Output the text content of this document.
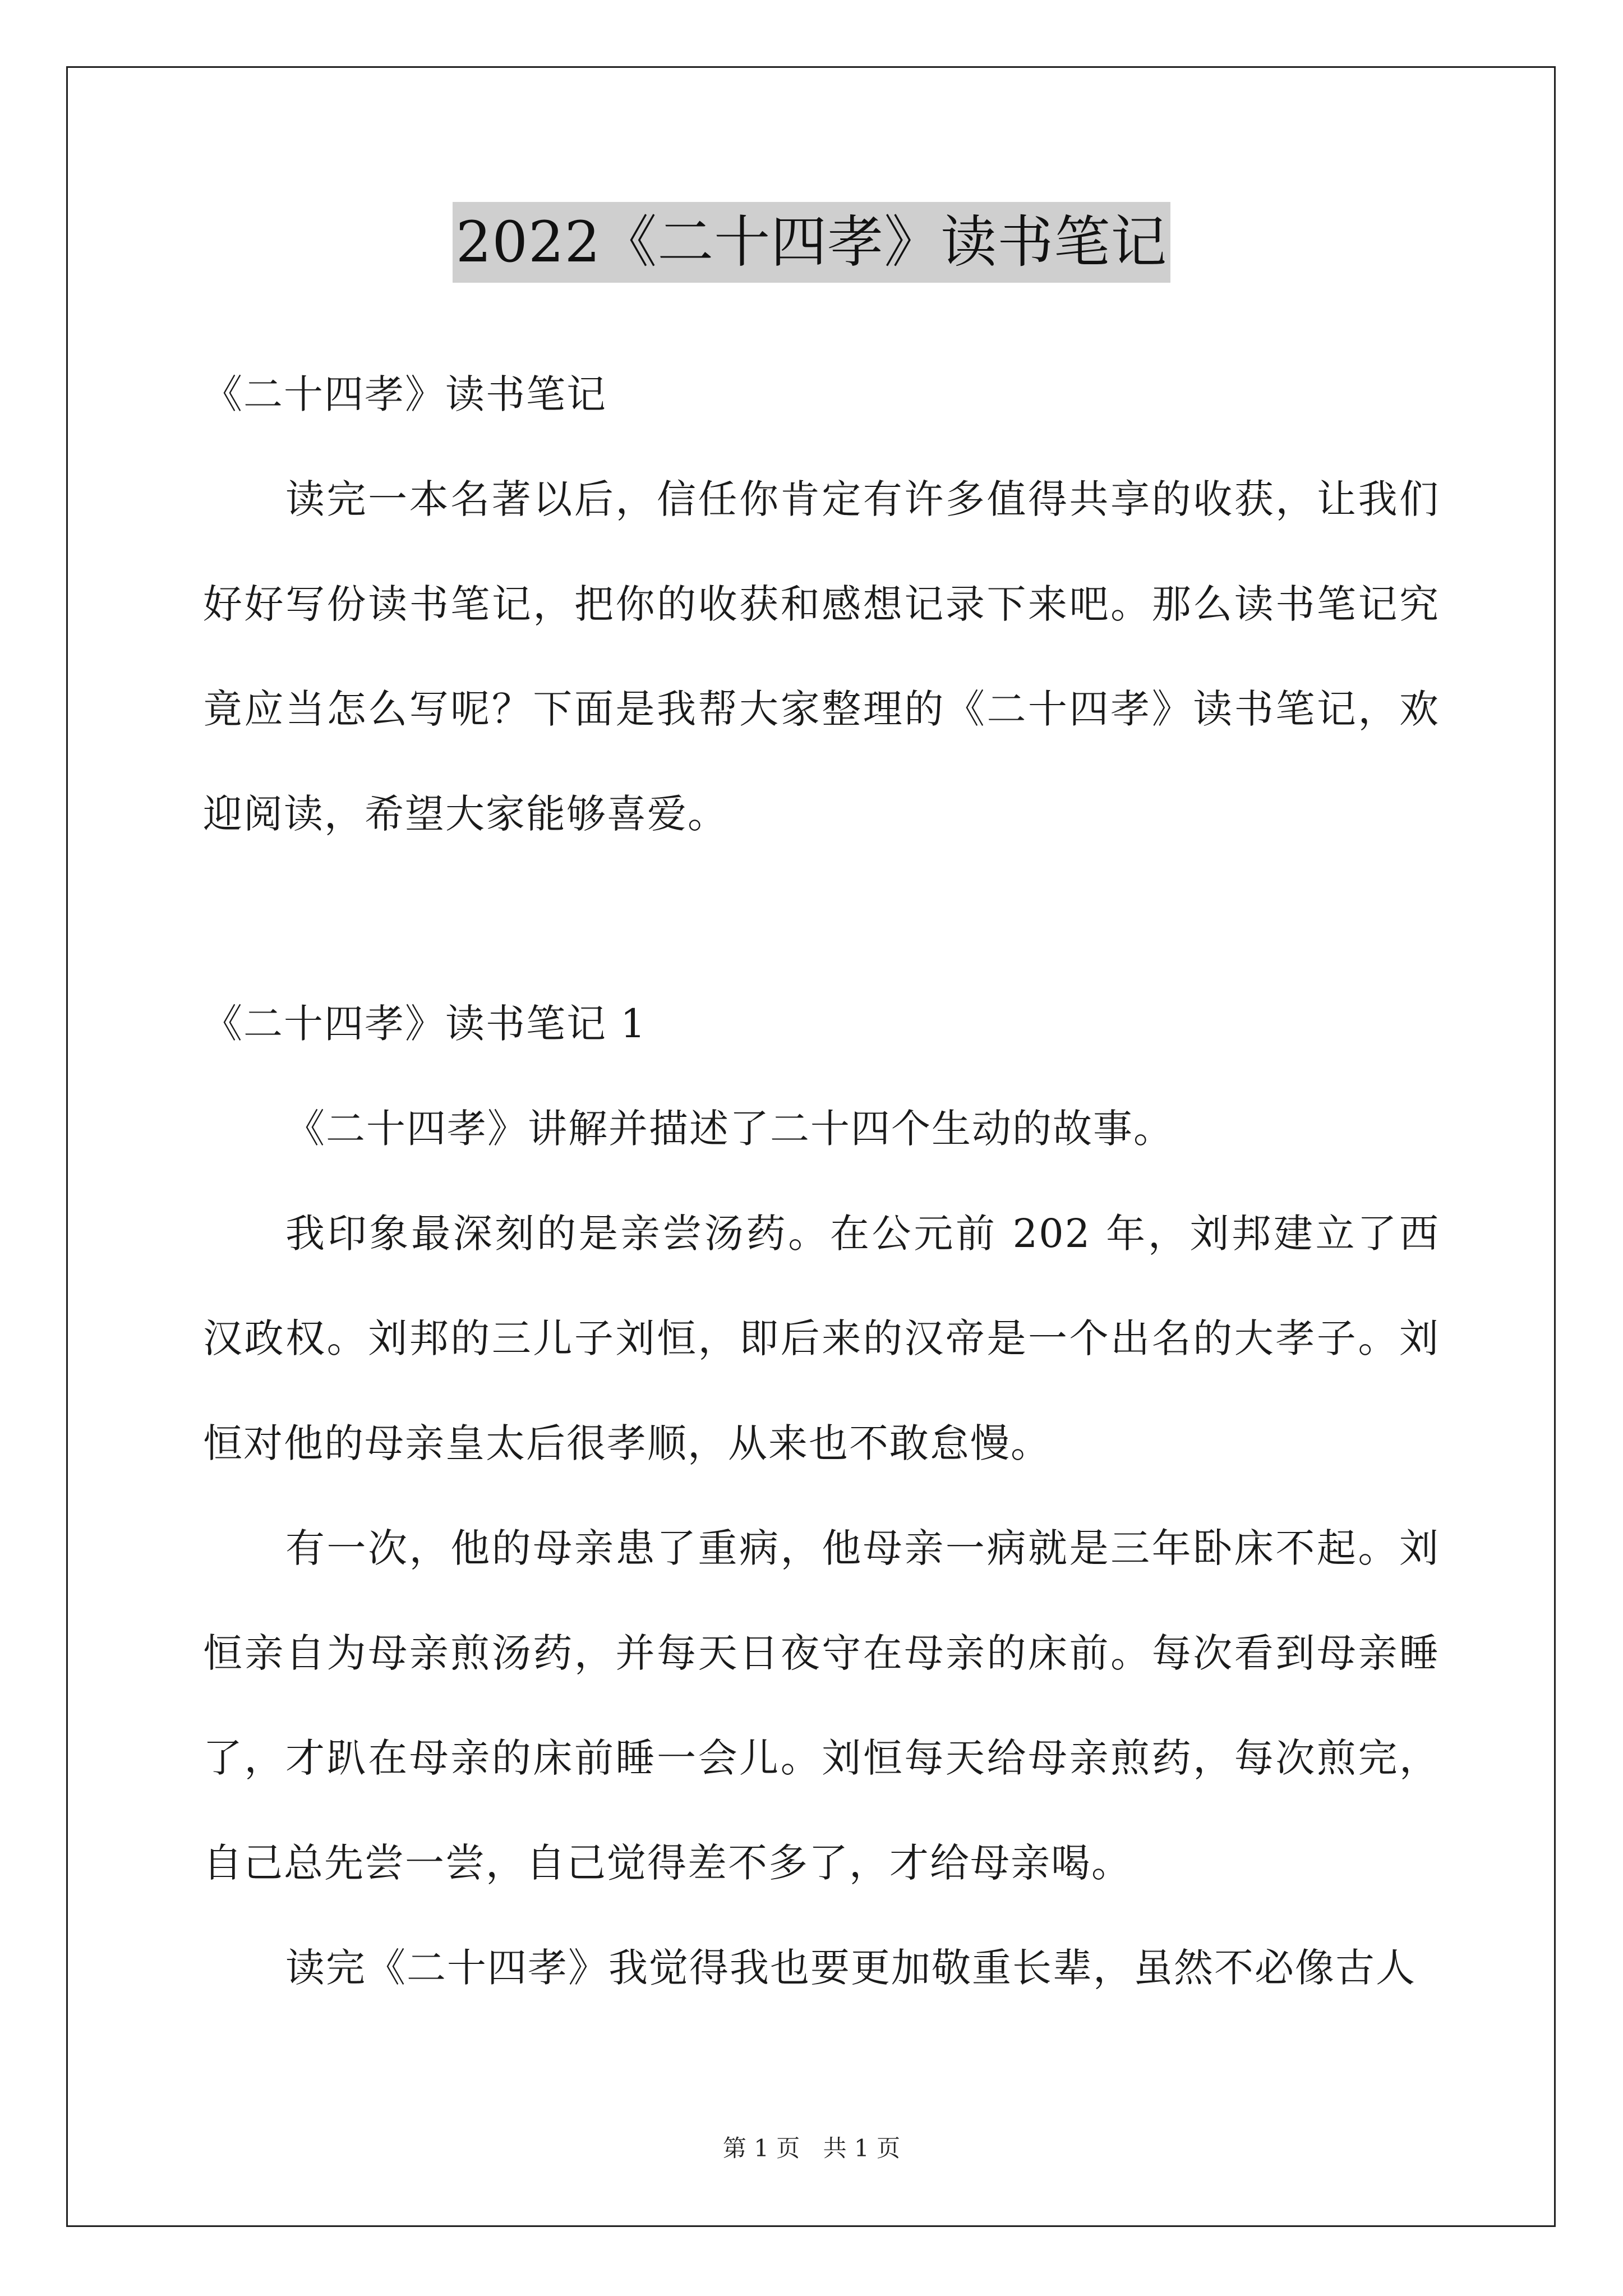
2022《二十四孝》读书笔记

《二十四孝》读书笔记

读完一本名著以后，信任你肯定有许多值得共享的收获，让我们好好写份读书笔记，把你的收获和感想记录下来吧。那么读书笔记究竟应当怎么写呢？下面是我帮大家整理的《二十四孝》读书笔记，欢迎阅读，希望大家能够喜爱。

《二十四孝》读书笔记 1

《二十四孝》讲解并描述了二十四个生动的故事。

我印象最深刻的是亲尝汤药。在公元前 202 年，刘邦建立了西汉政权。刘邦的三儿子刘恒，即后来的汉帝是一个出名的大孝子。刘恒对他的母亲皇太后很孝顺，从来也不敢怠慢。

有一次，他的母亲患了重病，他母亲一病就是三年卧床不起。刘恒亲自为母亲煎汤药，并每天日夜守在母亲的床前。每次看到母亲睡了，才趴在母亲的床前睡一会儿。刘恒每天给母亲煎药，每次煎完，自己总先尝一尝，自己觉得差不多了，才给母亲喝。

读完《二十四孝》我觉得我也要更加敬重长辈，虽然不必像古人

第 1 页 共 1 页
